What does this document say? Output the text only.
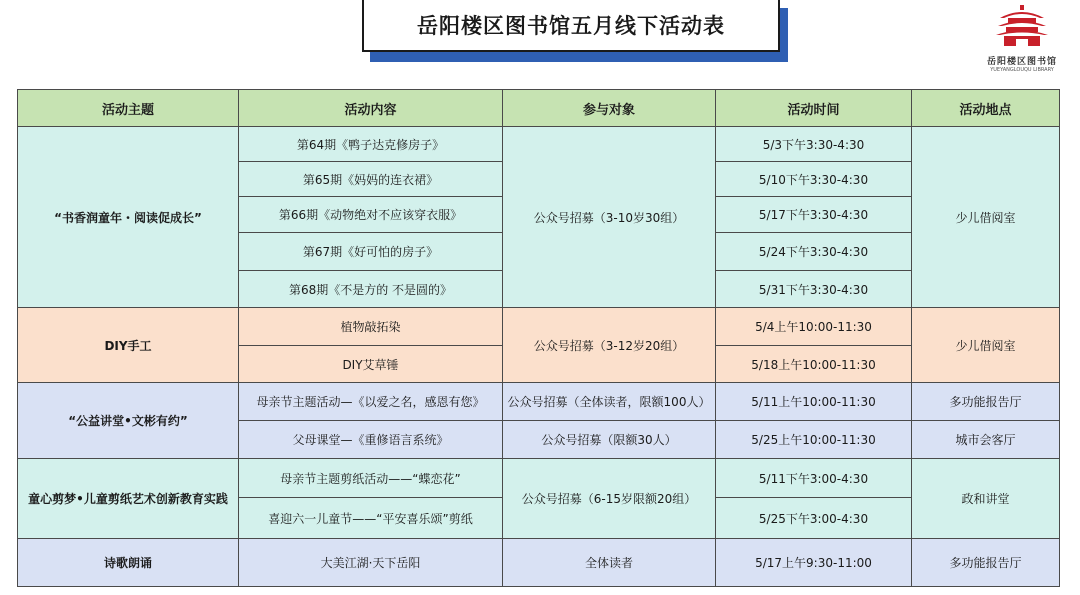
岳阳楼区图书馆五月线下活动表
岳阳楼区图书馆
YUEYANGLOUQU LIBRARY
活动主题	活动内容	参与对象	活动时间	活动地点
“书香润童年・阅读促成长”	第64期《鸭子达克修房子》	公众号招募（3-10岁30组）	5/3下午3:30-4:30	少儿借阅室
	第65期《妈妈的连衣裙》		5/10下午3:30-4:30	
	第66期《动物绝对不应该穿衣服》		5/17下午3:30-4:30	
	第67期《好可怕的房子》		5/24下午3:30-4:30	
	第68期《不是方的 不是圆的》		5/31下午3:30-4:30	
DIY手工	植物敲拓染	公众号招募（3-12岁20组）	5/4上午10:00-11:30	少儿借阅室
	DIY艾草锤		5/18上午10:00-11:30	
“公益讲堂•文彬有约”	母亲节主题活动—《以爱之名，感恩有您》	公众号招募（全体读者，限额100人）	5/11上午10:00-11:30	多功能报告厅
	父母课堂—《重修语言系统》	公众号招募（限额30人）	5/25上午10:00-11:30	城市会客厅
童心剪梦•儿童剪纸艺术创新教育实践	母亲节主题剪纸活动——“蝶恋花”	公众号招募（6-15岁限额20组）	5/11下午3:00-4:30	政和讲堂
	喜迎六一儿童节——“平安喜乐颂”剪纸		5/25下午3:00-4:30	
诗歌朗诵	大美江湖·天下岳阳	全体读者	5/17上午9:30-11:00	多功能报告厅
